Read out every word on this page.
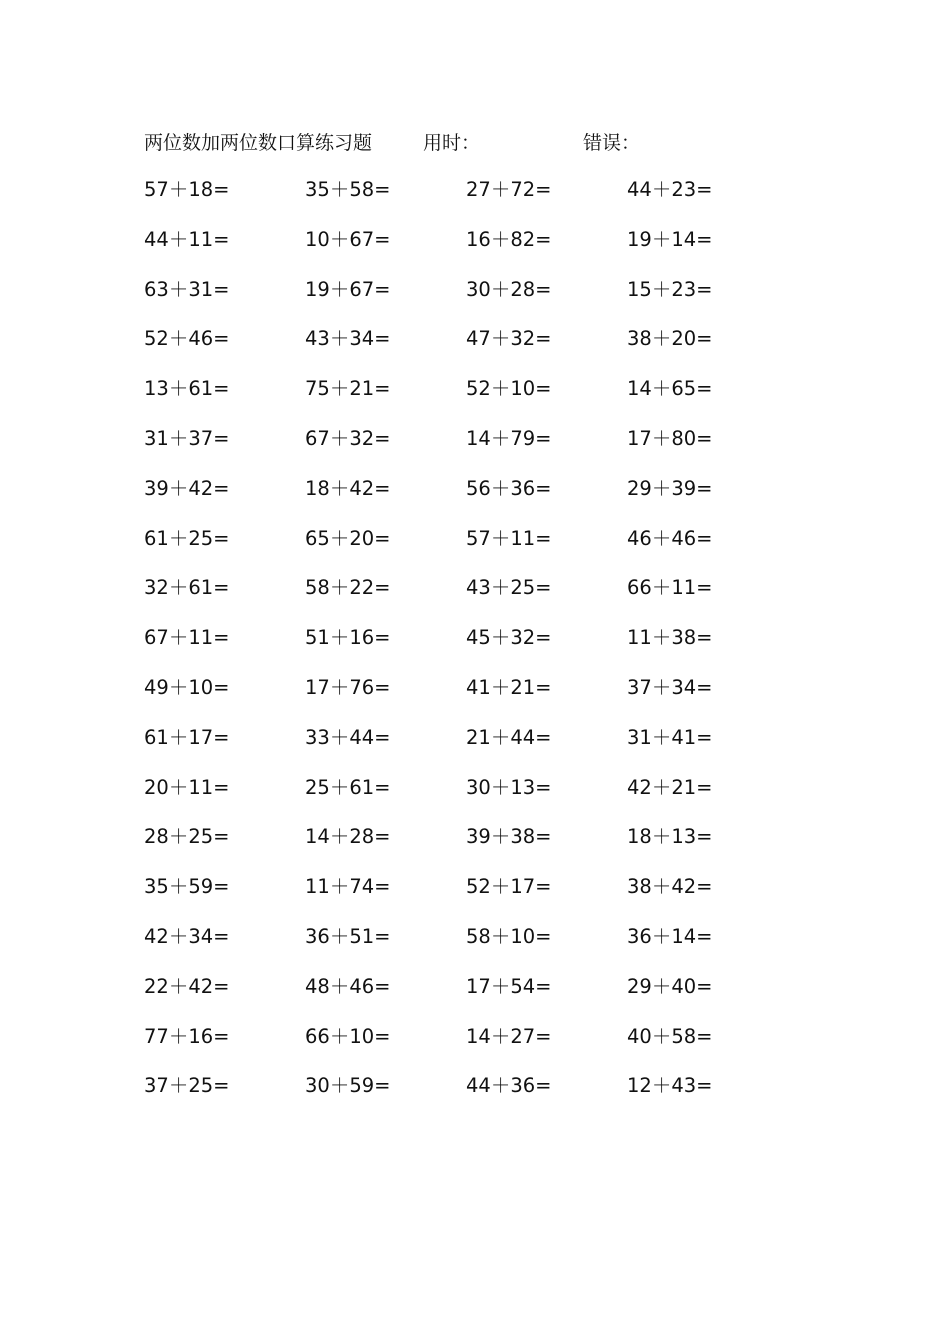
两位数加两位数口算练习题	用时：	错误：
57＋18=	35＋58=	27＋72=	44＋23=
44＋11=	10＋67=	16＋82=	19＋14=
63＋31=	19＋67=	30＋28=	15＋23=
52＋46=	43＋34=	47＋32=	38＋20=
13＋61=	75＋21=	52＋10=	14＋65=
31＋37=	67＋32=	14＋79=	17＋80=
39＋42=	18＋42=	56＋36=	29＋39=
61＋25=	65＋20=	57＋11=	46＋46=
32＋61=	58＋22=	43＋25=	66＋11=
67＋11=	51＋16=	45＋32=	11＋38=
49＋10=	17＋76=	41＋21=	37＋34=
61＋17=	33＋44=	21＋44=	31＋41=
20＋11=	25＋61=	30＋13=	42＋21=
28＋25=	14＋28=	39＋38=	18＋13=
35＋59=	11＋74=	52＋17=	38＋42=
42＋34=	36＋51=	58＋10=	36＋14=
22＋42=	48＋46=	17＋54=	29＋40=
77＋16=	66＋10=	14＋27=	40＋58=
37＋25=	30＋59=	44＋36=	12＋43=
